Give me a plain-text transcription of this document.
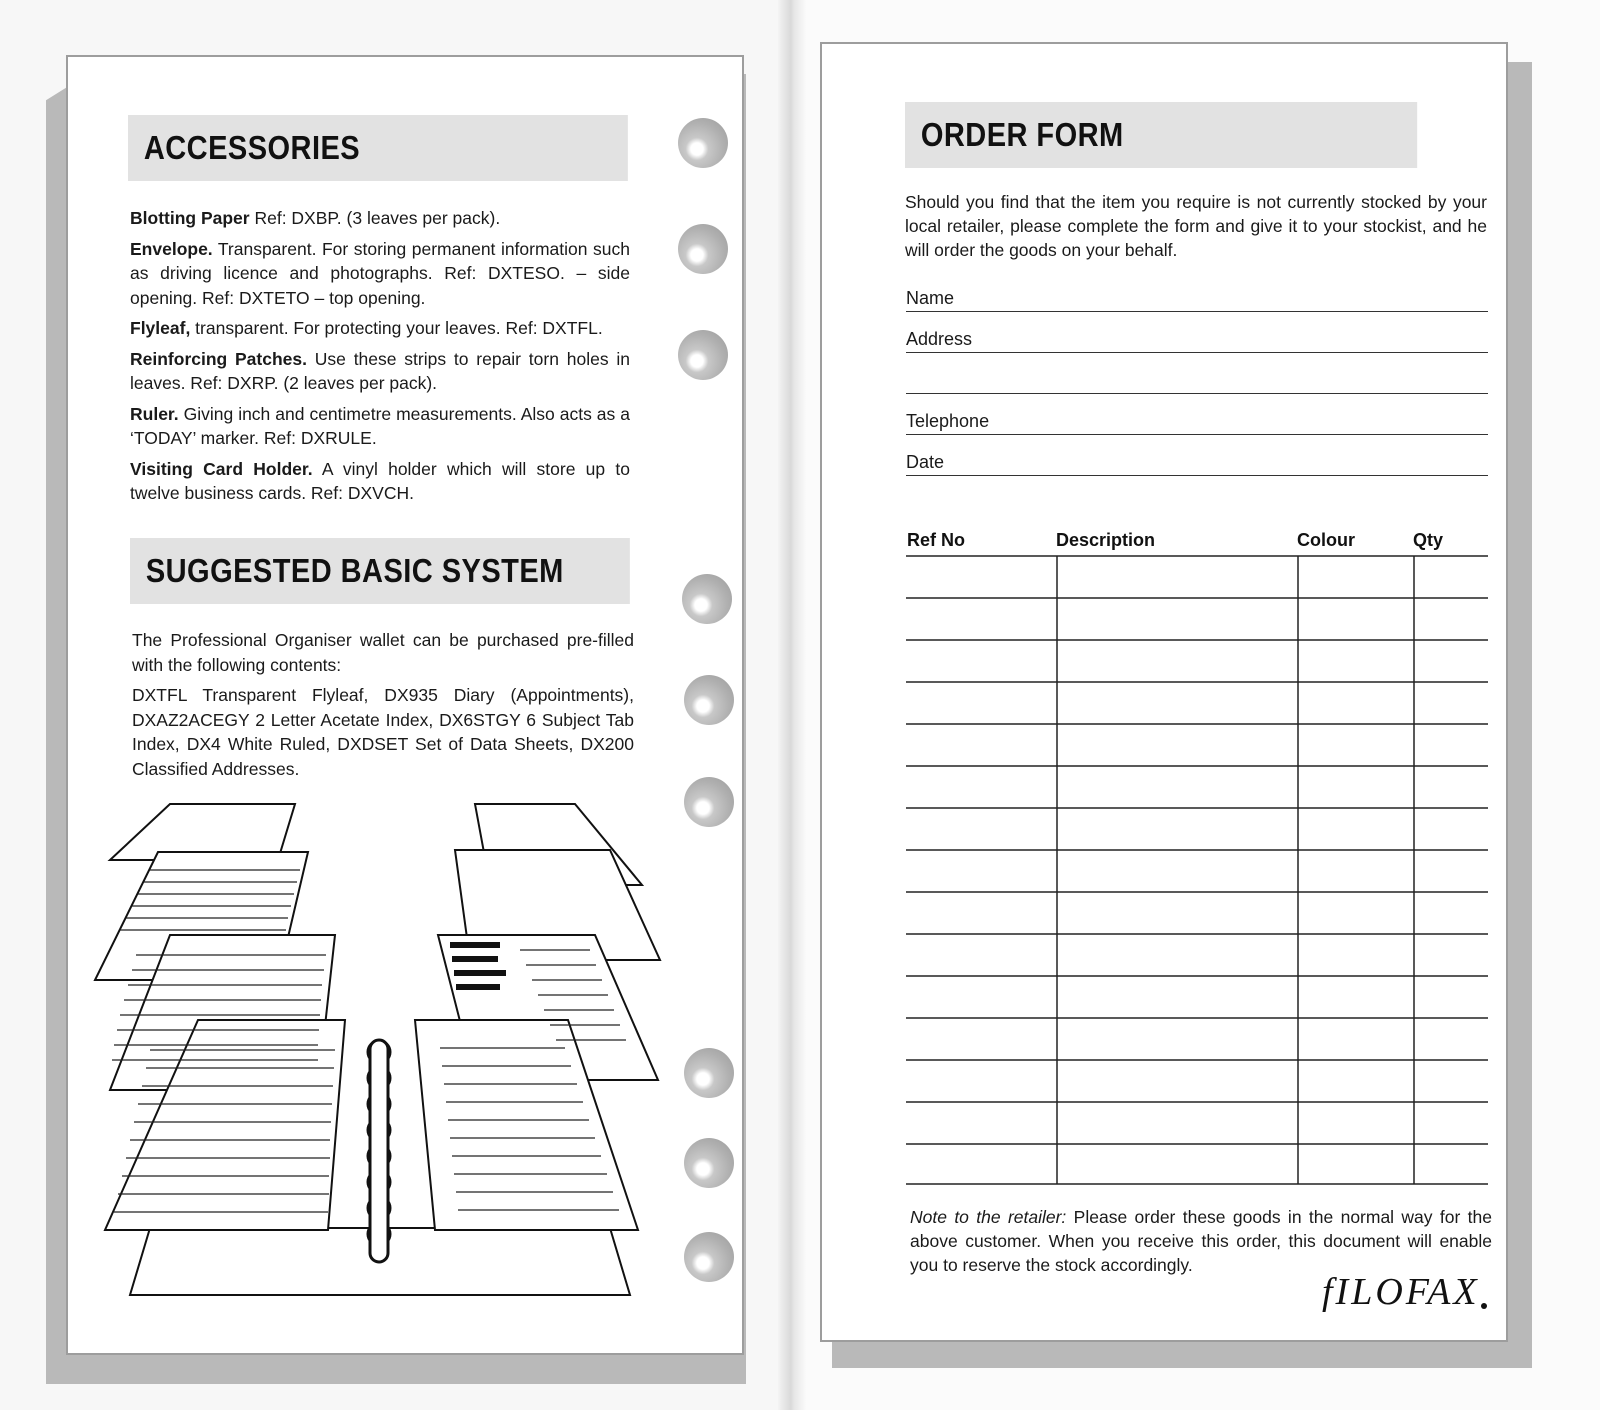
ACCESSORIES
Blotting Paper Ref: DXBP. (3 leaves per pack).
Envelope. Transparent. For storing permanent information such as driving licence and photographs. Ref: DXTESO. – side opening. Ref: DXTETO – top opening.
Flyleaf, transparent. For protecting your leaves. Ref: DXTFL.
Reinforcing Patches. Use these strips to repair torn holes in leaves. Ref: DXRP. (2 leaves per pack).
Ruler. Giving inch and centimetre measurements. Also acts as a ‘TODAY’ marker. Ref: DXRULE.
Visiting Card Holder. A vinyl holder which will store up to twelve business cards. Ref: DXVCH.
SUGGESTED BASIC SYSTEM
The Professional Organiser wallet can be purchased pre-filled with the following contents:
DXTFL Transparent Flyleaf, DX935 Diary (Appointments), DXAZ2ACEGY 2 Letter Acetate Index, DX6STGY 6 Subject Tab Index, DX4 White Ruled, DXDSET Set of Data Sheets, DX200 Classified Addresses.
ORDER FORM
Should you find that the item you require is not currently stocked by your local retailer, please complete the form and give it to your stockist, and he will order the goods on your behalf.
Name
Address
Telephone
Date
Ref No	Description	Colour	Qty
Note to the retailer: Please order these goods in the normal way for the above customer. When you receive this order, this document will enable you to reserve the stock accordingly.
fILOFAX
